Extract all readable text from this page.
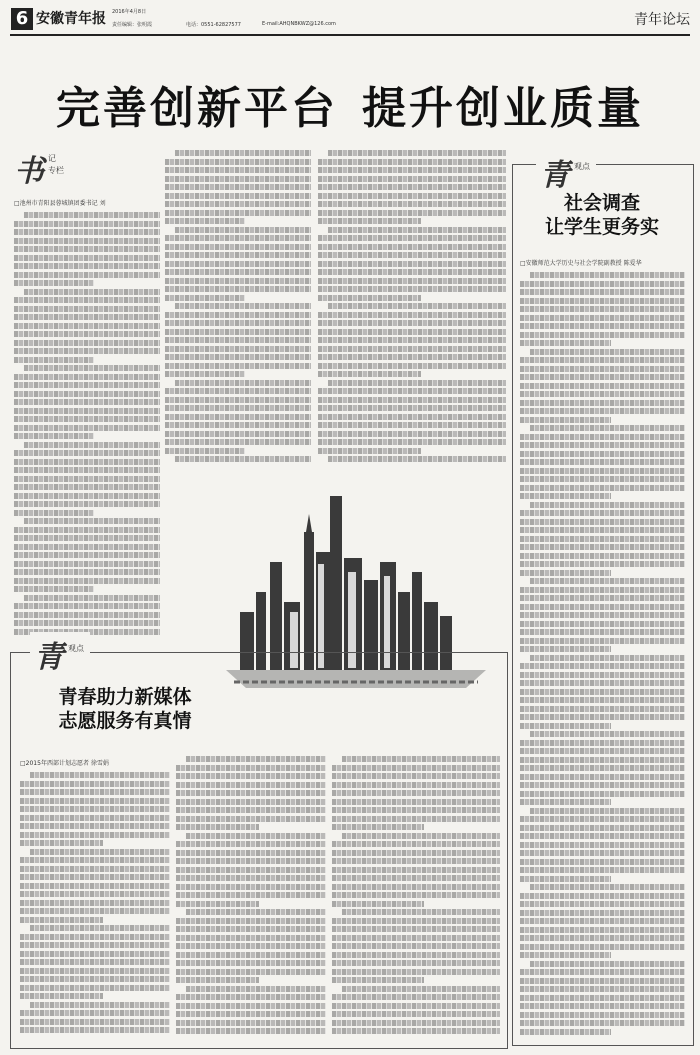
6 安徽青年报	2016年4月8日
责任编辑：张明霞	电话：0551-62827577	E-mail:AHQNBKWZ@126.com	青年论坛
完善创新平台 提升创业质量
书 记
专栏
□池州市青阳县蓉城镇团委书记 刘
青 观点
社会调查
让学生更务实
□安徽师范大学历史与社会学院副教授 陈爱华
青 观点
青春助力新媒体
志愿服务有真情
□2015年西部计划志愿者 徐雪娟
